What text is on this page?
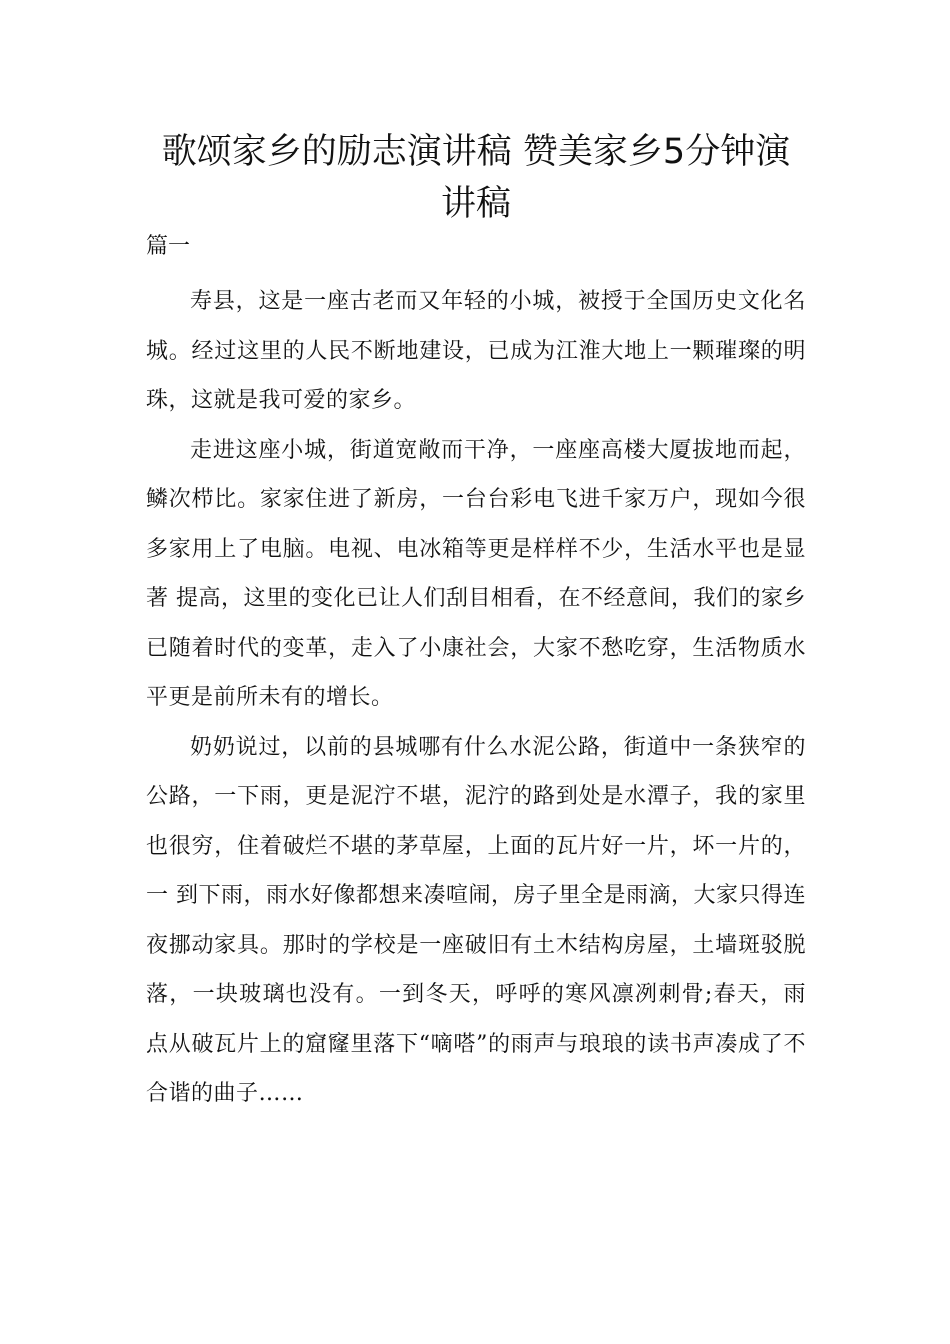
歌颂家乡的励志演讲稿 赞美家乡5分钟演讲稿

篇一

寿县，这是一座古老而又年轻的小城，被授于全国历史文化名城。经过这里的人民不断地建设，已成为江淮大地上一颗璀璨的明珠，这就是我可爱的家乡。

走进这座小城，街道宽敞而干净，一座座高楼大厦拔地而起，鳞次栉比。家家住进了新房，一台台彩电飞进千家万户，现如今很多家用上了电脑。电视、电冰箱等更是样样不少，生活水平也是显著 提高，这里的变化已让人们刮目相看，在不经意间，我们的家乡已随着时代的变革，走入了小康社会，大家不愁吃穿，生活物质水平更是前所未有的增长。

奶奶说过，以前的县城哪有什么水泥公路，街道中一条狭窄的公路，一下雨，更是泥泞不堪，泥泞的路到处是水潭子，我的家里也很穷，住着破烂不堪的茅草屋，上面的瓦片好一片，坏一片的，一 到下雨，雨水好像都想来凑喧闹，房子里全是雨滴，大家只得连夜挪动家具。那时的学校是一座破旧有土木结构房屋，土墙斑驳脱落，一块玻璃也没有。一到冬天，呼呼的寒风凛冽刺骨;春天，雨点从破瓦片上的窟窿里落下“嘀嗒”的雨声与琅琅的读书声凑成了不合谐的曲子……
